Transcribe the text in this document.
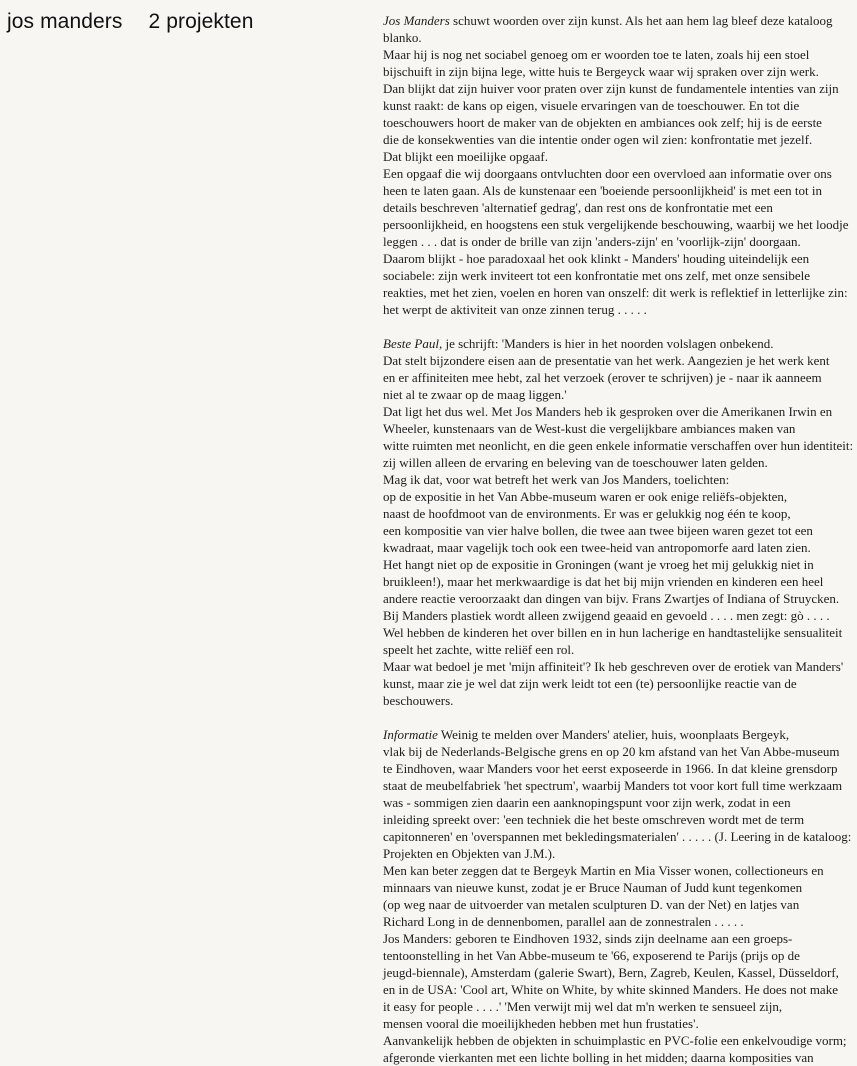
jos manders 2 projekten	Jos Manders schuwt woorden over zijn kunst. Als het aan hem lag bleef deze kataloog
blanko.
Maar hij is nog net sociabel genoeg om er woorden toe te laten, zoals hij een stoel
bijschuift in zijn bijna lege, witte huis te Bergeyck waar wij spraken over zijn werk.
Dan blijkt dat zijn huiver voor praten over zijn kunst de fundamentele intenties van zijn
kunst raakt: de kans op eigen, visuele ervaringen van de toeschouwer. En tot die
toeschouwers hoort de maker van de objekten en ambiances ook zelf; hij is de eerste
die de konsekwenties van die intentie onder ogen wil zien: konfrontatie met jezelf.
Dat blijkt een moeilijke opgaaf.
Een opgaaf die wij doorgaans ontvluchten door een overvloed aan informatie over ons
heen te laten gaan. Als de kunstenaar een 'boeiende persoonlijkheid' is met een tot in
details beschreven 'alternatief gedrag', dan rest ons de konfrontatie met een
persoonlijkheid, en hoogstens een stuk vergelijkende beschouwing, waarbij we het loodje
leggen . . . dat is onder de brille van zijn 'anders-zijn' en 'voorlijk-zijn' doorgaan.
Daarom blijkt - hoe paradoxaal het ook klinkt - Manders' houding uiteindelijk een
sociabele: zijn werk inviteert tot een konfrontatie met ons zelf, met onze sensibele
reakties, met het zien, voelen en horen van onszelf: dit werk is reflektief in letterlijke zin:
het werpt de aktiviteit van onze zinnen terug . . . . .
Beste Paul, je schrijft: 'Manders is hier in het noorden volslagen onbekend.
Dat stelt bijzondere eisen aan de presentatie van het werk. Aangezien je het werk kent
en er affiniteiten mee hebt, zal het verzoek (erover te schrijven) je - naar ik aanneem
niet al te zwaar op de maag liggen.'
Dat ligt het dus wel. Met Jos Manders heb ik gesproken over die Amerikanen Irwin en
Wheeler, kunstenaars van de West-kust die vergelijkbare ambiances maken van
witte ruimten met neonlicht, en die geen enkele informatie verschaffen over hun identiteit:
zij willen alleen de ervaring en beleving van de toeschouwer laten gelden.
Mag ik dat, voor wat betreft het werk van Jos Manders, toelichten:
op de expositie in het Van Abbe-museum waren er ook enige reliëfs-objekten,
naast de hoofdmoot van de environments. Er was er gelukkig nog één te koop,
een kompositie van vier halve bollen, die twee aan twee bijeen waren gezet tot een
kwadraat, maar vagelijk toch ook een twee-heid van antropomorfe aard laten zien.
Het hangt niet op de expositie in Groningen (want je vroeg het mij gelukkig niet in
bruikleen!), maar het merkwaardige is dat het bij mijn vrienden en kinderen een heel
andere reactie veroorzaakt dan dingen van bijv. Frans Zwartjes of Indiana of Struycken.
Bij Manders plastiek wordt alleen zwijgend geaaid en gevoeld . . . . men zegt: gò . . . .
Wel hebben de kinderen het over billen en in hun lacherige en handtastelijke sensualiteit
speelt het zachte, witte reliëf een rol.
Maar wat bedoel je met 'mijn affiniteit'? Ik heb geschreven over de erotiek van Manders'
kunst, maar zie je wel dat zijn werk leidt tot een (te) persoonlijke reactie van de
beschouwers.
Informatie Weinig te melden over Manders' atelier, huis, woonplaats Bergeyk,
vlak bij de Nederlands-Belgische grens en op 20 km afstand van het Van Abbe-museum
te Eindhoven, waar Manders voor het eerst exposeerde in 1966. In dat kleine grensdorp
staat de meubelfabriek 'het spectrum', waarbij Manders tot voor kort full time werkzaam
was - sommigen zien daarin een aanknopingspunt voor zijn werk, zodat in een
inleiding spreekt over: 'een techniek die het beste omschreven wordt met de term
capitonneren' en 'overspannen met bekledingsmaterialen' . . . . . (J. Leering in de kataloog:
Projekten en Objekten van J.M.).
Men kan beter zeggen dat te Bergeyk Martin en Mia Visser wonen, collectioneurs en
minnaars van nieuwe kunst, zodat je er Bruce Nauman of Judd kunt tegenkomen
(op weg naar de uitvoerder van metalen sculpturen D. van der Net) en latjes van
Richard Long in de dennenbomen, parallel aan de zonnestralen . . . . .
Jos Manders: geboren te Eindhoven 1932, sinds zijn deelname aan een groeps-
tentoonstelling in het Van Abbe-museum te '66, exposerend te Parijs (prijs op de
jeugd-biennale), Amsterdam (galerie Swart), Bern, Zagreb, Keulen, Kassel, Düsseldorf,
en in de USA: 'Cool art, White on White, by white skinned Manders. He does not make
it easy for people . . . .' 'Men verwijt mij wel dat m'n werken te sensueel zijn,
mensen vooral die moeilijkheden hebben met hun frustaties'.
Aanvankelijk hebben de objekten in schuimplastic en PVC-folie een enkelvoudige vorm;
afgeronde vierkanten met een lichte bolling in het midden; daarna komposities van
